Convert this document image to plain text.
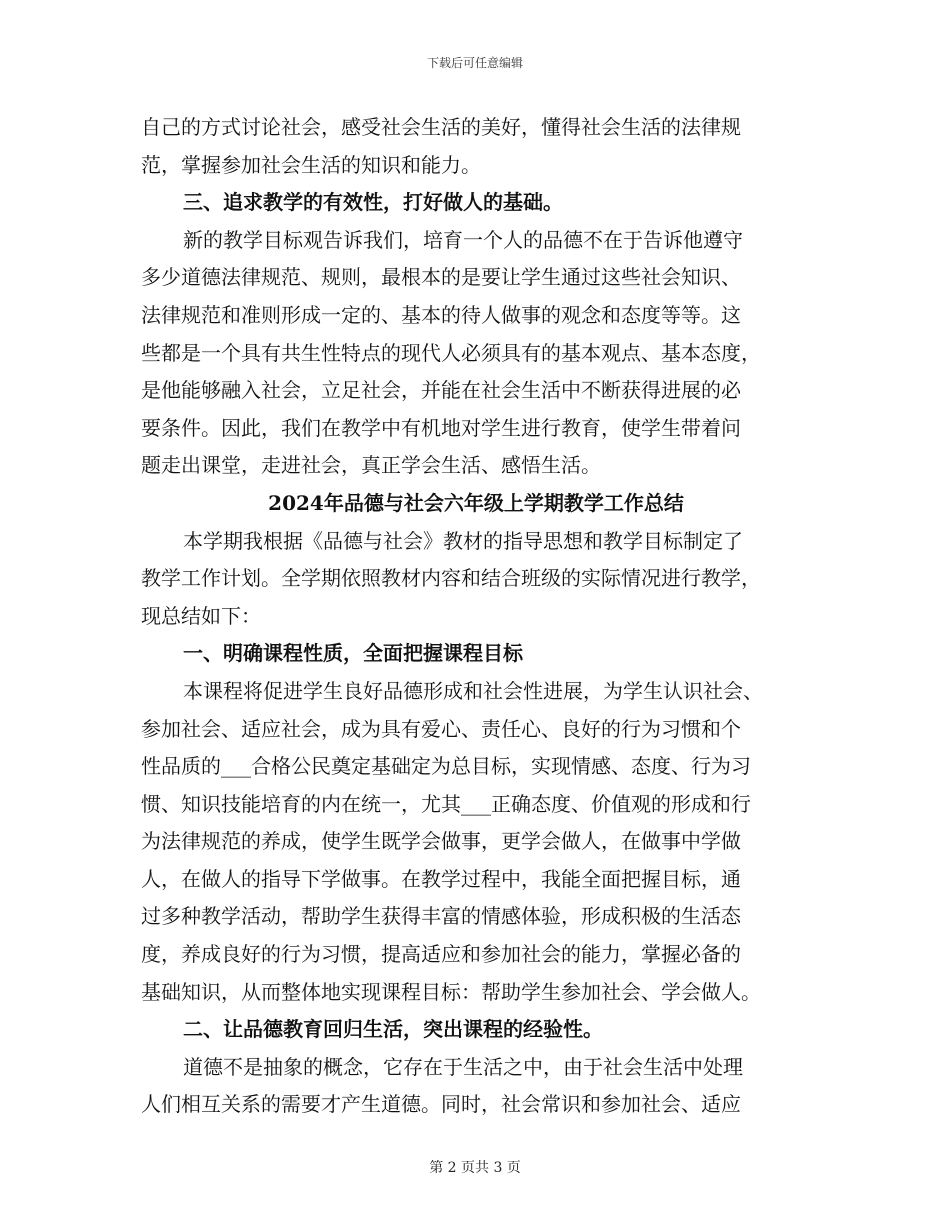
下载后可任意编辑
自己的方式讨论社会，感受社会生活的美好，懂得社会生活的法律规
范，掌握参加社会生活的知识和能力。
三、追求教学的有效性，打好做人的基础。
新的教学目标观告诉我们，培育一个人的品德不在于告诉他遵守
多少道德法律规范、规则，最根本的是要让学生通过这些社会知识、
法律规范和准则形成一定的、基本的待人做事的观念和态度等等。这
些都是一个具有共生性特点的现代人必须具有的基本观点、基本态度，
是他能够融入社会，立足社会，并能在社会生活中不断获得进展的必
要条件。因此，我们在教学中有机地对学生进行教育，使学生带着问
题走出课堂，走进社会，真正学会生活、感悟生活。
2024年品德与社会六年级上学期教学工作总结
本学期我根据《品德与社会》教材的指导思想和教学目标制定了
教学工作计划。全学期依照教材内容和结合班级的实际情况进行教学，
现总结如下：
一、明确课程性质，全面把握课程目标
本课程将促进学生良好品德形成和社会性进展，为学生认识社会、
参加社会、适应社会，成为具有爱心、责任心、良好的行为习惯和个
性品质的___合格公民奠定基础定为总目标，实现情感、态度、行为习
惯、知识技能培育的内在统一，尤其___正确态度、价值观的形成和行
为法律规范的养成，使学生既学会做事，更学会做人，在做事中学做
人，在做人的指导下学做事。在教学过程中，我能全面把握目标，通
过多种教学活动，帮助学生获得丰富的情感体验，形成积极的生活态
度，养成良好的行为习惯，提高适应和参加社会的能力，掌握必备的
基础知识，从而整体地实现课程目标：帮助学生参加社会、学会做人。
二、让品德教育回归生活，突出课程的经验性。
道德不是抽象的概念，它存在于生活之中，由于社会生活中处理
人们相互关系的需要才产生道德。同时，社会常识和参加社会、适应
第 2 页共 3 页
